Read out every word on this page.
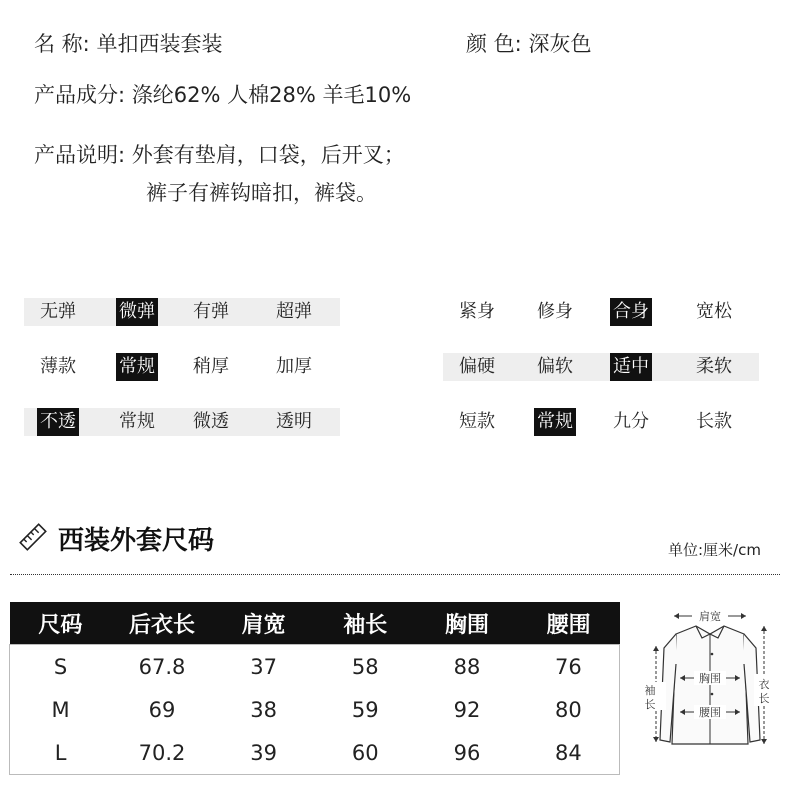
名 称: 单扣西装套装	颜 色: 深灰色
产品成分: 涤纶62% 人棉28% 羊毛10%
产品说明: 外套有垫肩，口袋，后开叉；
裤子有裤钩暗扣，裤袋。
无弹 微弹 有弹	超弹	紧身 修身 合身	宽松
薄款 常规 稍厚	加厚	偏硬 偏软 适中	柔软
不透 常规 微透	透明	短款 常规 九分	长款
西装外套尺码	单位:厘米/cm
尺码	后衣长	肩宽	袖长	胸围	腰围
S	67.8	37	58	88	76
M	69	38	59	92	80
L	70.2	39	60	96	84
肩宽
胸围
腰围
袖
长
衣
长
